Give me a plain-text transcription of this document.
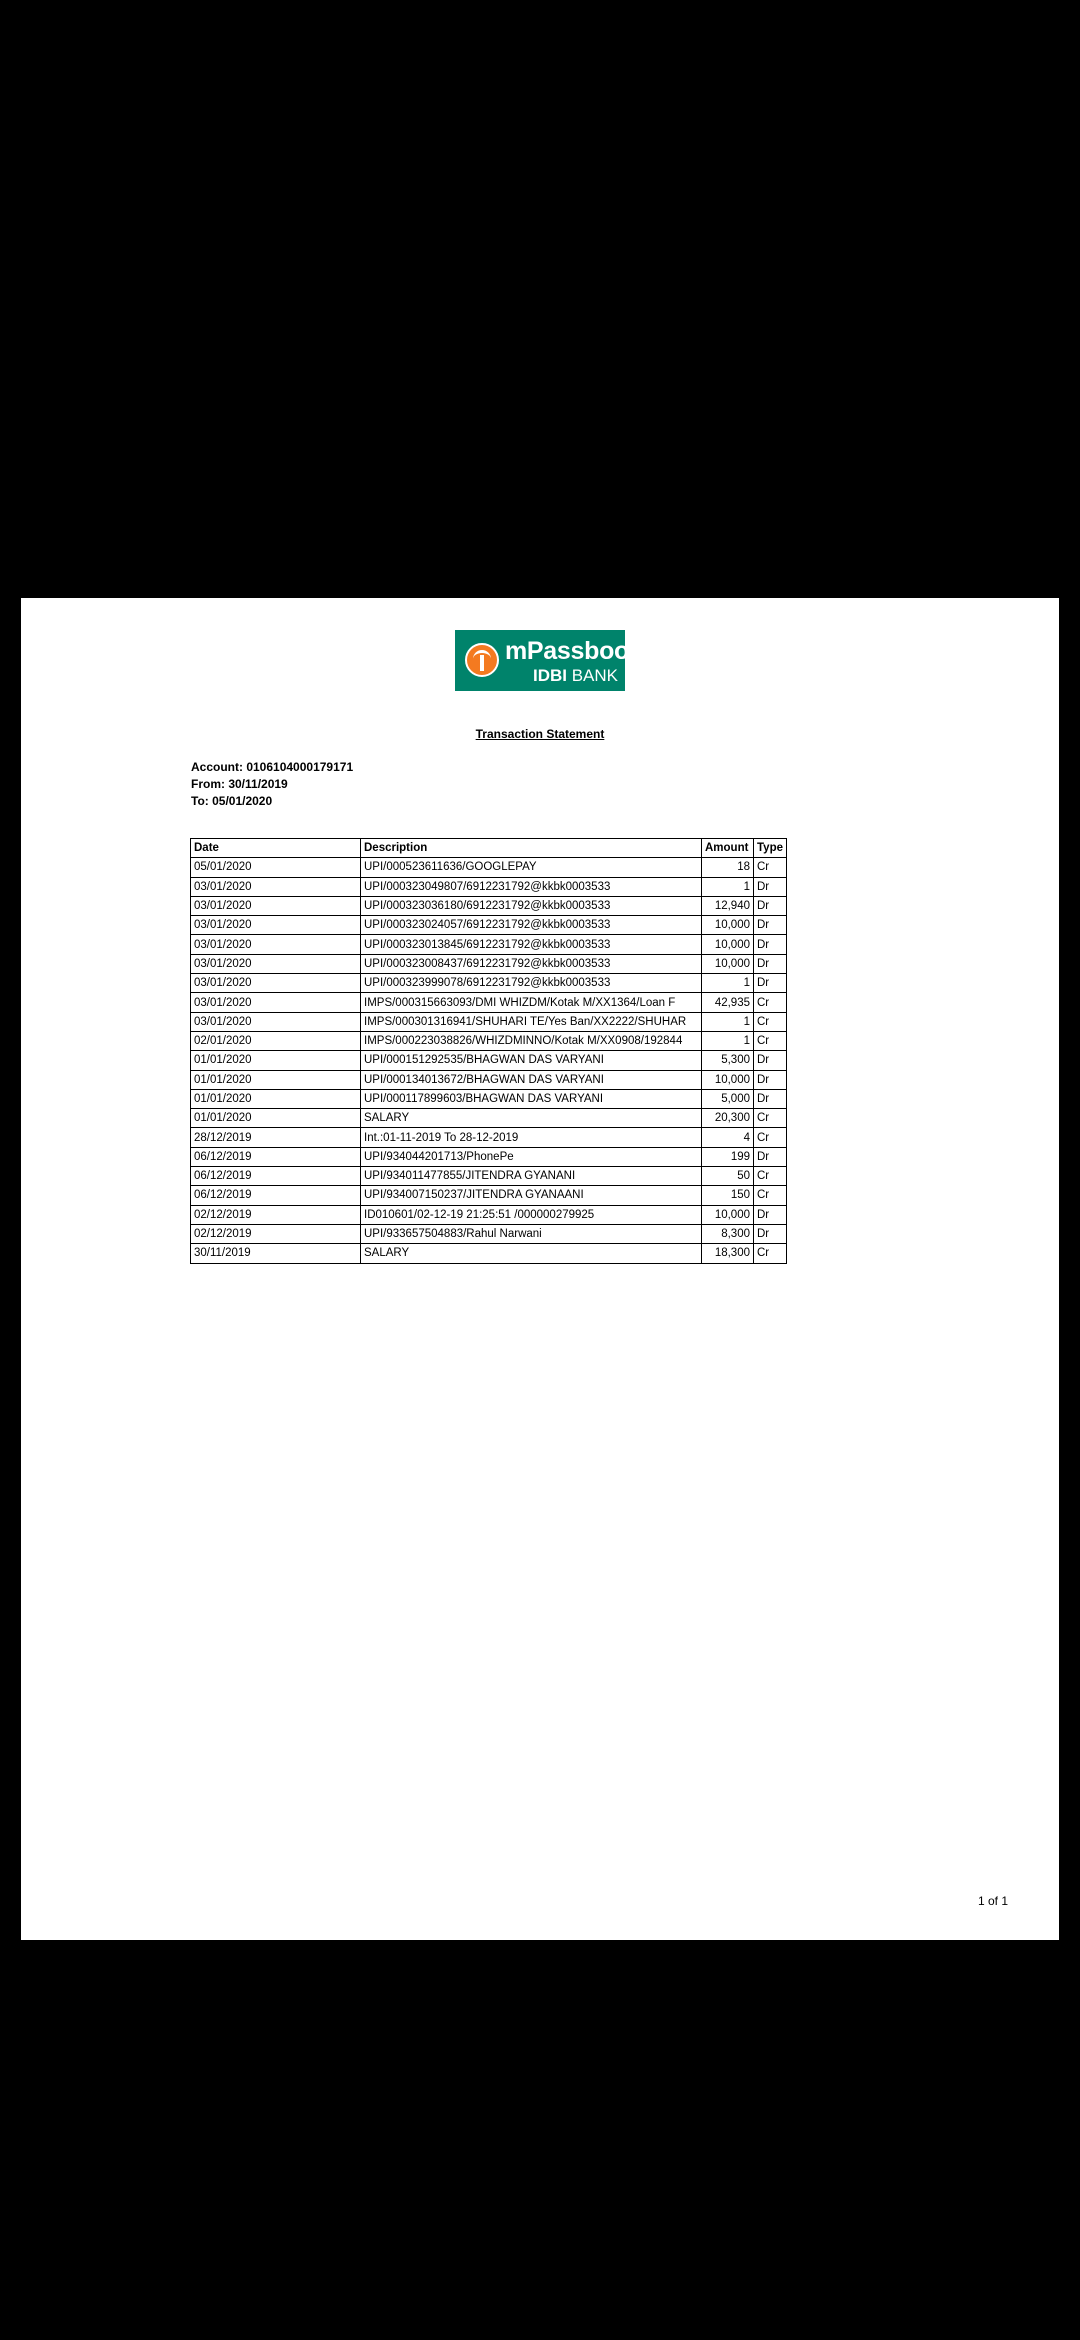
mPassbook
IDBI BANK
Transaction Statement
Account: 0106104000179171
From: 30/11/2019
To: 05/01/2020
Date	Description	Amount	Type
05/01/2020	UPI/000523611636/GOOGLEPAY	18	Cr
03/01/2020	UPI/000323049807/6912231792@kkbk0003533	1	Dr
03/01/2020	UPI/000323036180/6912231792@kkbk0003533	12,940	Dr
03/01/2020	UPI/000323024057/6912231792@kkbk0003533	10,000	Dr
03/01/2020	UPI/000323013845/6912231792@kkbk0003533	10,000	Dr
03/01/2020	UPI/000323008437/6912231792@kkbk0003533	10,000	Dr
03/01/2020	UPI/000323999078/6912231792@kkbk0003533	1	Dr
03/01/2020	IMPS/000315663093/DMI WHIZDM/Kotak M/XX1364/Loan F	42,935	Cr
03/01/2020	IMPS/000301316941/SHUHARI TE/Yes Ban/XX2222/SHUHAR	1	Cr
02/01/2020	IMPS/000223038826/WHIZDMINNO/Kotak M/XX0908/192844	1	Cr
01/01/2020	UPI/000151292535/BHAGWAN DAS VARYANI	5,300	Dr
01/01/2020	UPI/000134013672/BHAGWAN DAS VARYANI	10,000	Dr
01/01/2020	UPI/000117899603/BHAGWAN DAS VARYANI	5,000	Dr
01/01/2020	SALARY	20,300	Cr
28/12/2019	Int.:01-11-2019 To 28-12-2019	4	Cr
06/12/2019	UPI/934044201713/PhonePe	199	Dr
06/12/2019	UPI/934011477855/JITENDRA GYANANI	50	Cr
06/12/2019	UPI/934007150237/JITENDRA GYANAANI	150	Cr
02/12/2019	ID010601/02-12-19 21:25:51 /000000279925	10,000	Dr
02/12/2019	UPI/933657504883/Rahul Narwani	8,300	Dr
30/11/2019	SALARY	18,300	Cr
1 of 1
